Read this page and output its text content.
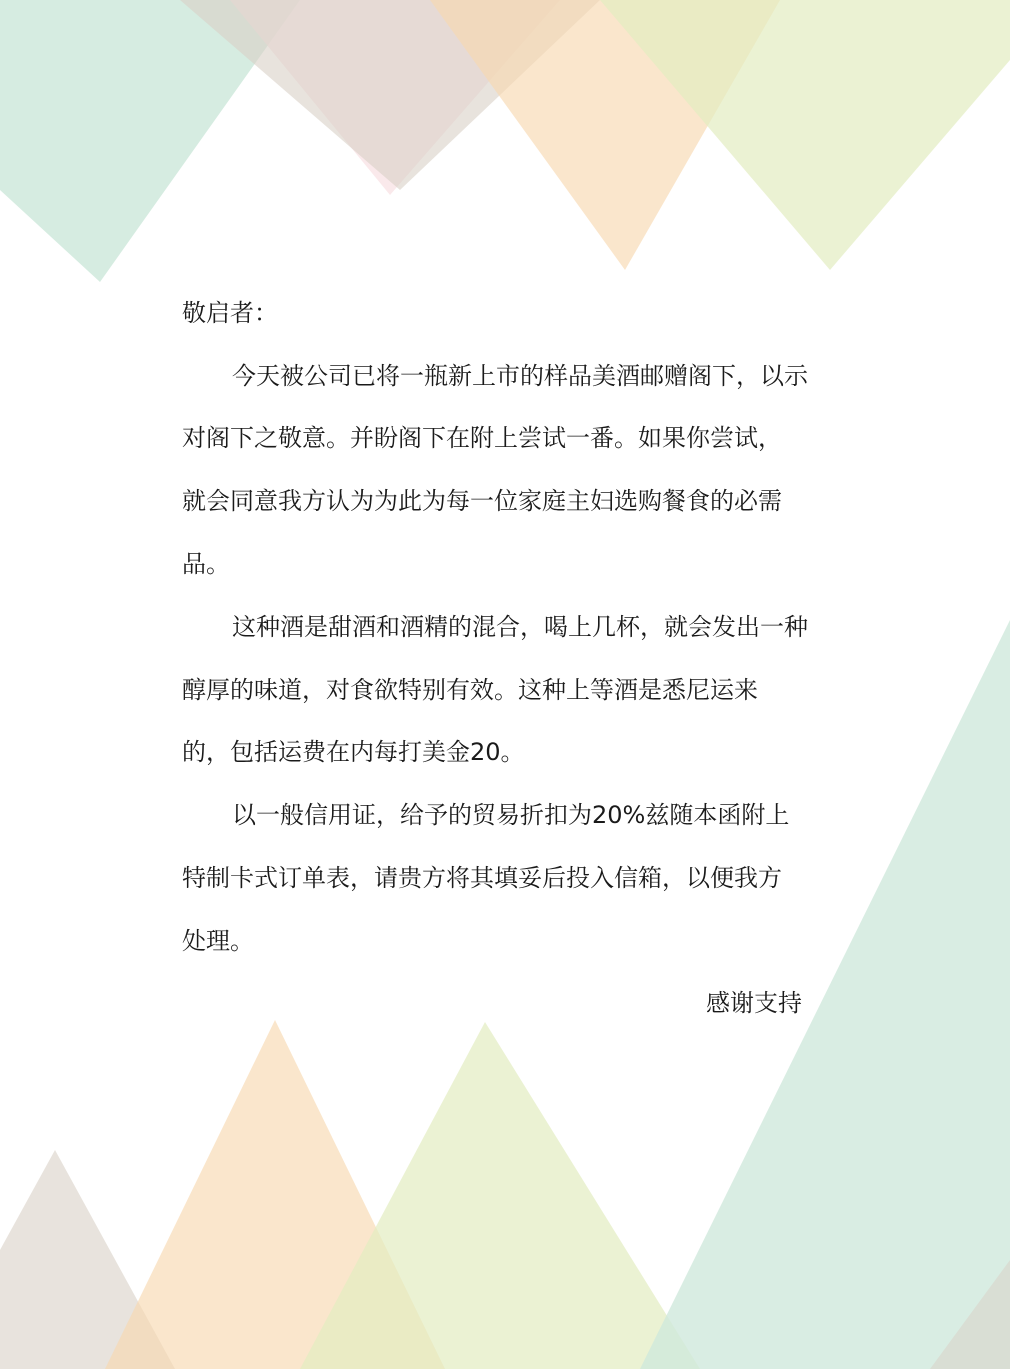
敬启者：

今天被公司已将一瓶新上市的样品美酒邮赠阁下，以示

对阁下之敬意。并盼阁下在附上尝试一番。如果你尝试，

就会同意我方认为为此为每一位家庭主妇选购餐食的必需

品。

这种酒是甜酒和酒精的混合，喝上几杯，就会发出一种

醇厚的味道，对食欲特别有效。这种上等酒是悉尼运来

的，包括运费在内每打美金20。

以一般信用证，给予的贸易折扣为20%兹随本函附上

特制卡式订单表，请贵方将其填妥后投入信箱，以便我方

处理。

感谢支持
